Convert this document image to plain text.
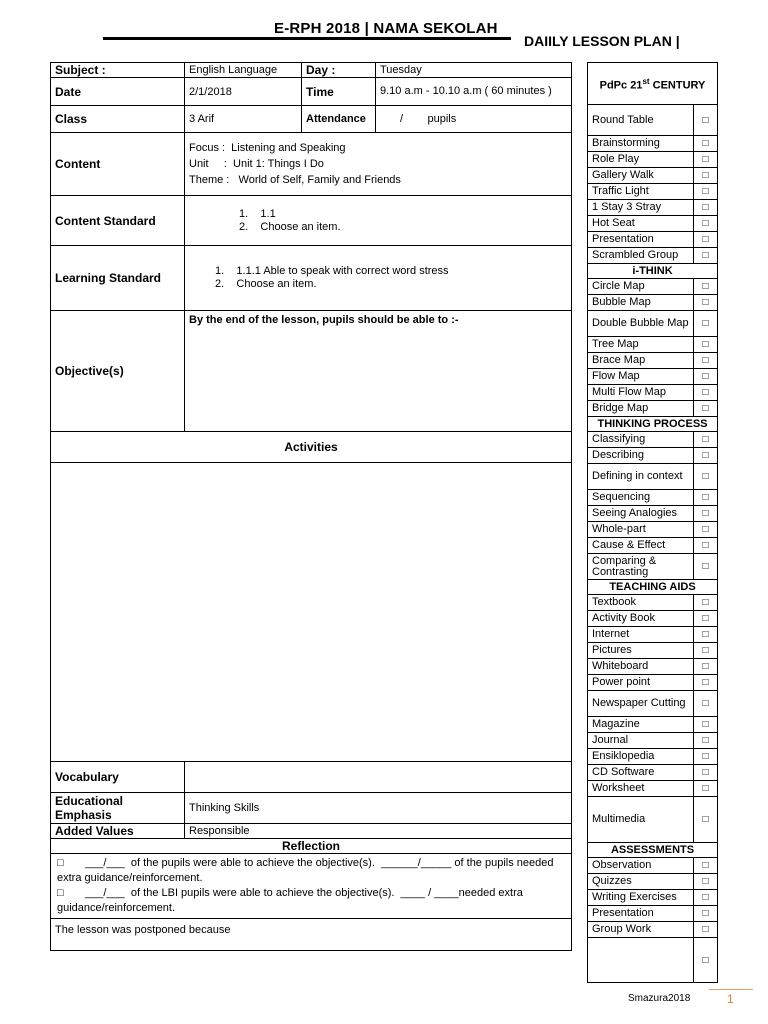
E-RPH 2018 | NAMA SEKOLAH
DAIILY LESSON PLAN |
Subject :	English Language	Day :	Tuesday
Date	2/1/2018	Time	9.10 a.m - 10.10 a.m ( 60 minutes )
Class	3 Arif	Attendance	/        pupils
Content	Focus :  Listening and Speaking
Unit     :  Unit 1: Things I Do
Theme :   World of Self, Family and Friends		

Content Standard	1.    1.1
2.    Choose an item.		

Learning Standard	1.    1.1.1 Able to speak with correct word stress
2.    Choose an item.		

Objective(s)	By the end of the lesson, pupils should be able to :-		
Activities			

Vocabulary			
Educational Emphasis	Thinking Skills		
Added Values	Responsible		
Reflection			

□       ___/___  of the pupils were able to achieve the objective(s).  ______/_____ of the pupils needed extra guidance/reinforcement.
□       ___/___  of the LBI pupils were able to achieve the objective(s).  ____ / ____needed extra guidance/reinforcement.			

The lesson was postponed because			
PdPc 21st CENTURY	
Round Table	□
Brainstorming	□
Role Play	□
Gallery Walk	□
Traffic Light	□
1 Stay 3 Stray	□
Hot Seat	□
Presentation	□
Scrambled Group	□
i-THINK	
Circle Map	□
Bubble Map	□
Double Bubble Map	□
Tree Map	□
Brace Map	□
Flow Map	□
Multi Flow Map	□
Bridge Map	□
THINKING PROCESS	
Classifying	□
Describing	□
Defining in context	□
Sequencing	□
Seeing Analogies	□
Whole-part	□
Cause & Effect	□
Comparing & Contrasting	□
TEACHING AIDS	
Textbook	□
Activity Book	□
Internet	□
Pictures	□
Whiteboard	□
Power point	□
Newspaper Cutting	□
Magazine	□
Journal	□
Ensiklopedia	□
CD Software	□
Worksheet	□
Multimedia	□
ASSESSMENTS	
Observation	□
Quizzes	□
Writing Exercises	□
Presentation	□
Group Work	□
	□
Smazura2018	1
